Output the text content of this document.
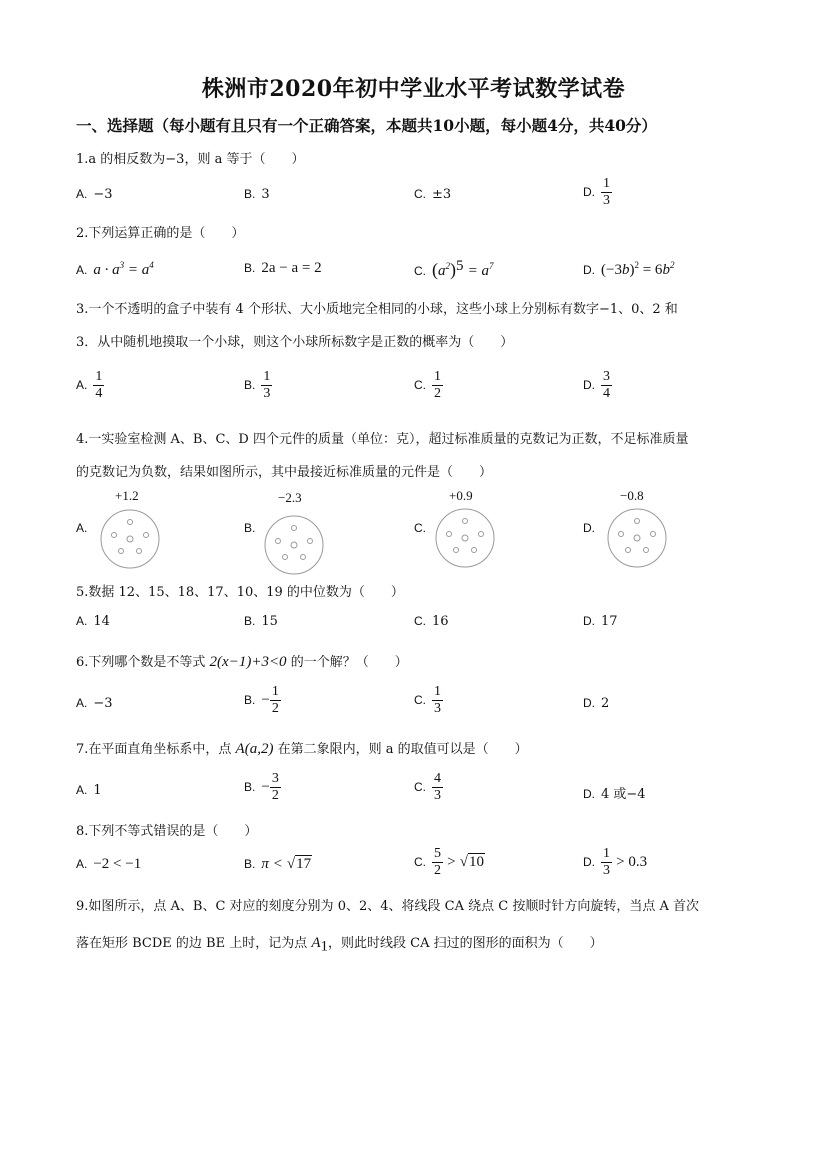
株洲市2020年初中学业水平考试数学试卷
一、选择题（每小题有且只有一个正确答案，本题共10小题，每小题4分，共40分）
1.a 的相反数为−3，则 a 等于（　　）
A. −3	B. 3	C. ±3	D. $\frac{1}{3}$
2.下列运算正确的是（　　）
A. $a \cdot a^3 = a^4$	B. 2a − a = 2	C. $(a^2)^5 = a^7$	D. $(-3b)^2 = 6b^2$
3.一个不透明的盒子中装有 4 个形状、大小质地完全相同的小球，这些小球上分别标有数字−1、0、2 和
3．从中随机地摸取一个小球，则这个小球所标数字是正数的概率为（　　）
A. $\frac{1}{4}$	B. $\frac{1}{3}$	C. $\frac{1}{2}$	D. $\frac{3}{4}$
4.一实验室检测 A、B、C、D 四个元件的质量（单位：克），超过标准质量的克数记为正数，不足标准质量
的克数记为负数，结果如图所示，其中最接近标准质量的元件是（　　）
A.
+1.2
B.
−2.3
C.
+0.9
D.
−0.8
5.数据 12、15、18、17、10、19 的中位数为（　　）
A. 14	B. 15	C. 16	D. 17
6.下列哪个数是不等式 2(x−1)+3<0 的一个解？（　　）
A. −3	B. − $\frac{1}{2}$	C. $\frac{1}{3}$	D. 2
7.在平面直角坐标系中，点 A(a,2) 在第二象限内，则 a 的取值可以是（　　）
A. 1	B. − $\frac{3}{2}$	C. $\frac{4}{3}$	D. 4 或−4
8.下列不等式错误的是（　　）
A. −2 < −1	B. π < √17	C. $\frac{5}{2} > √10$	D. $\frac{1}{3} > 0.3$
9.如图所示，点 A、B、C 对应的刻度分别为 0、2、4、将线段 CA 绕点 C 按顺时针方向旋转，当点 A 首次
落在矩形 BCDE 的边 BE 上时，记为点 $A_1$，则此时线段 CA 扫过的图形的面积为（　　）
